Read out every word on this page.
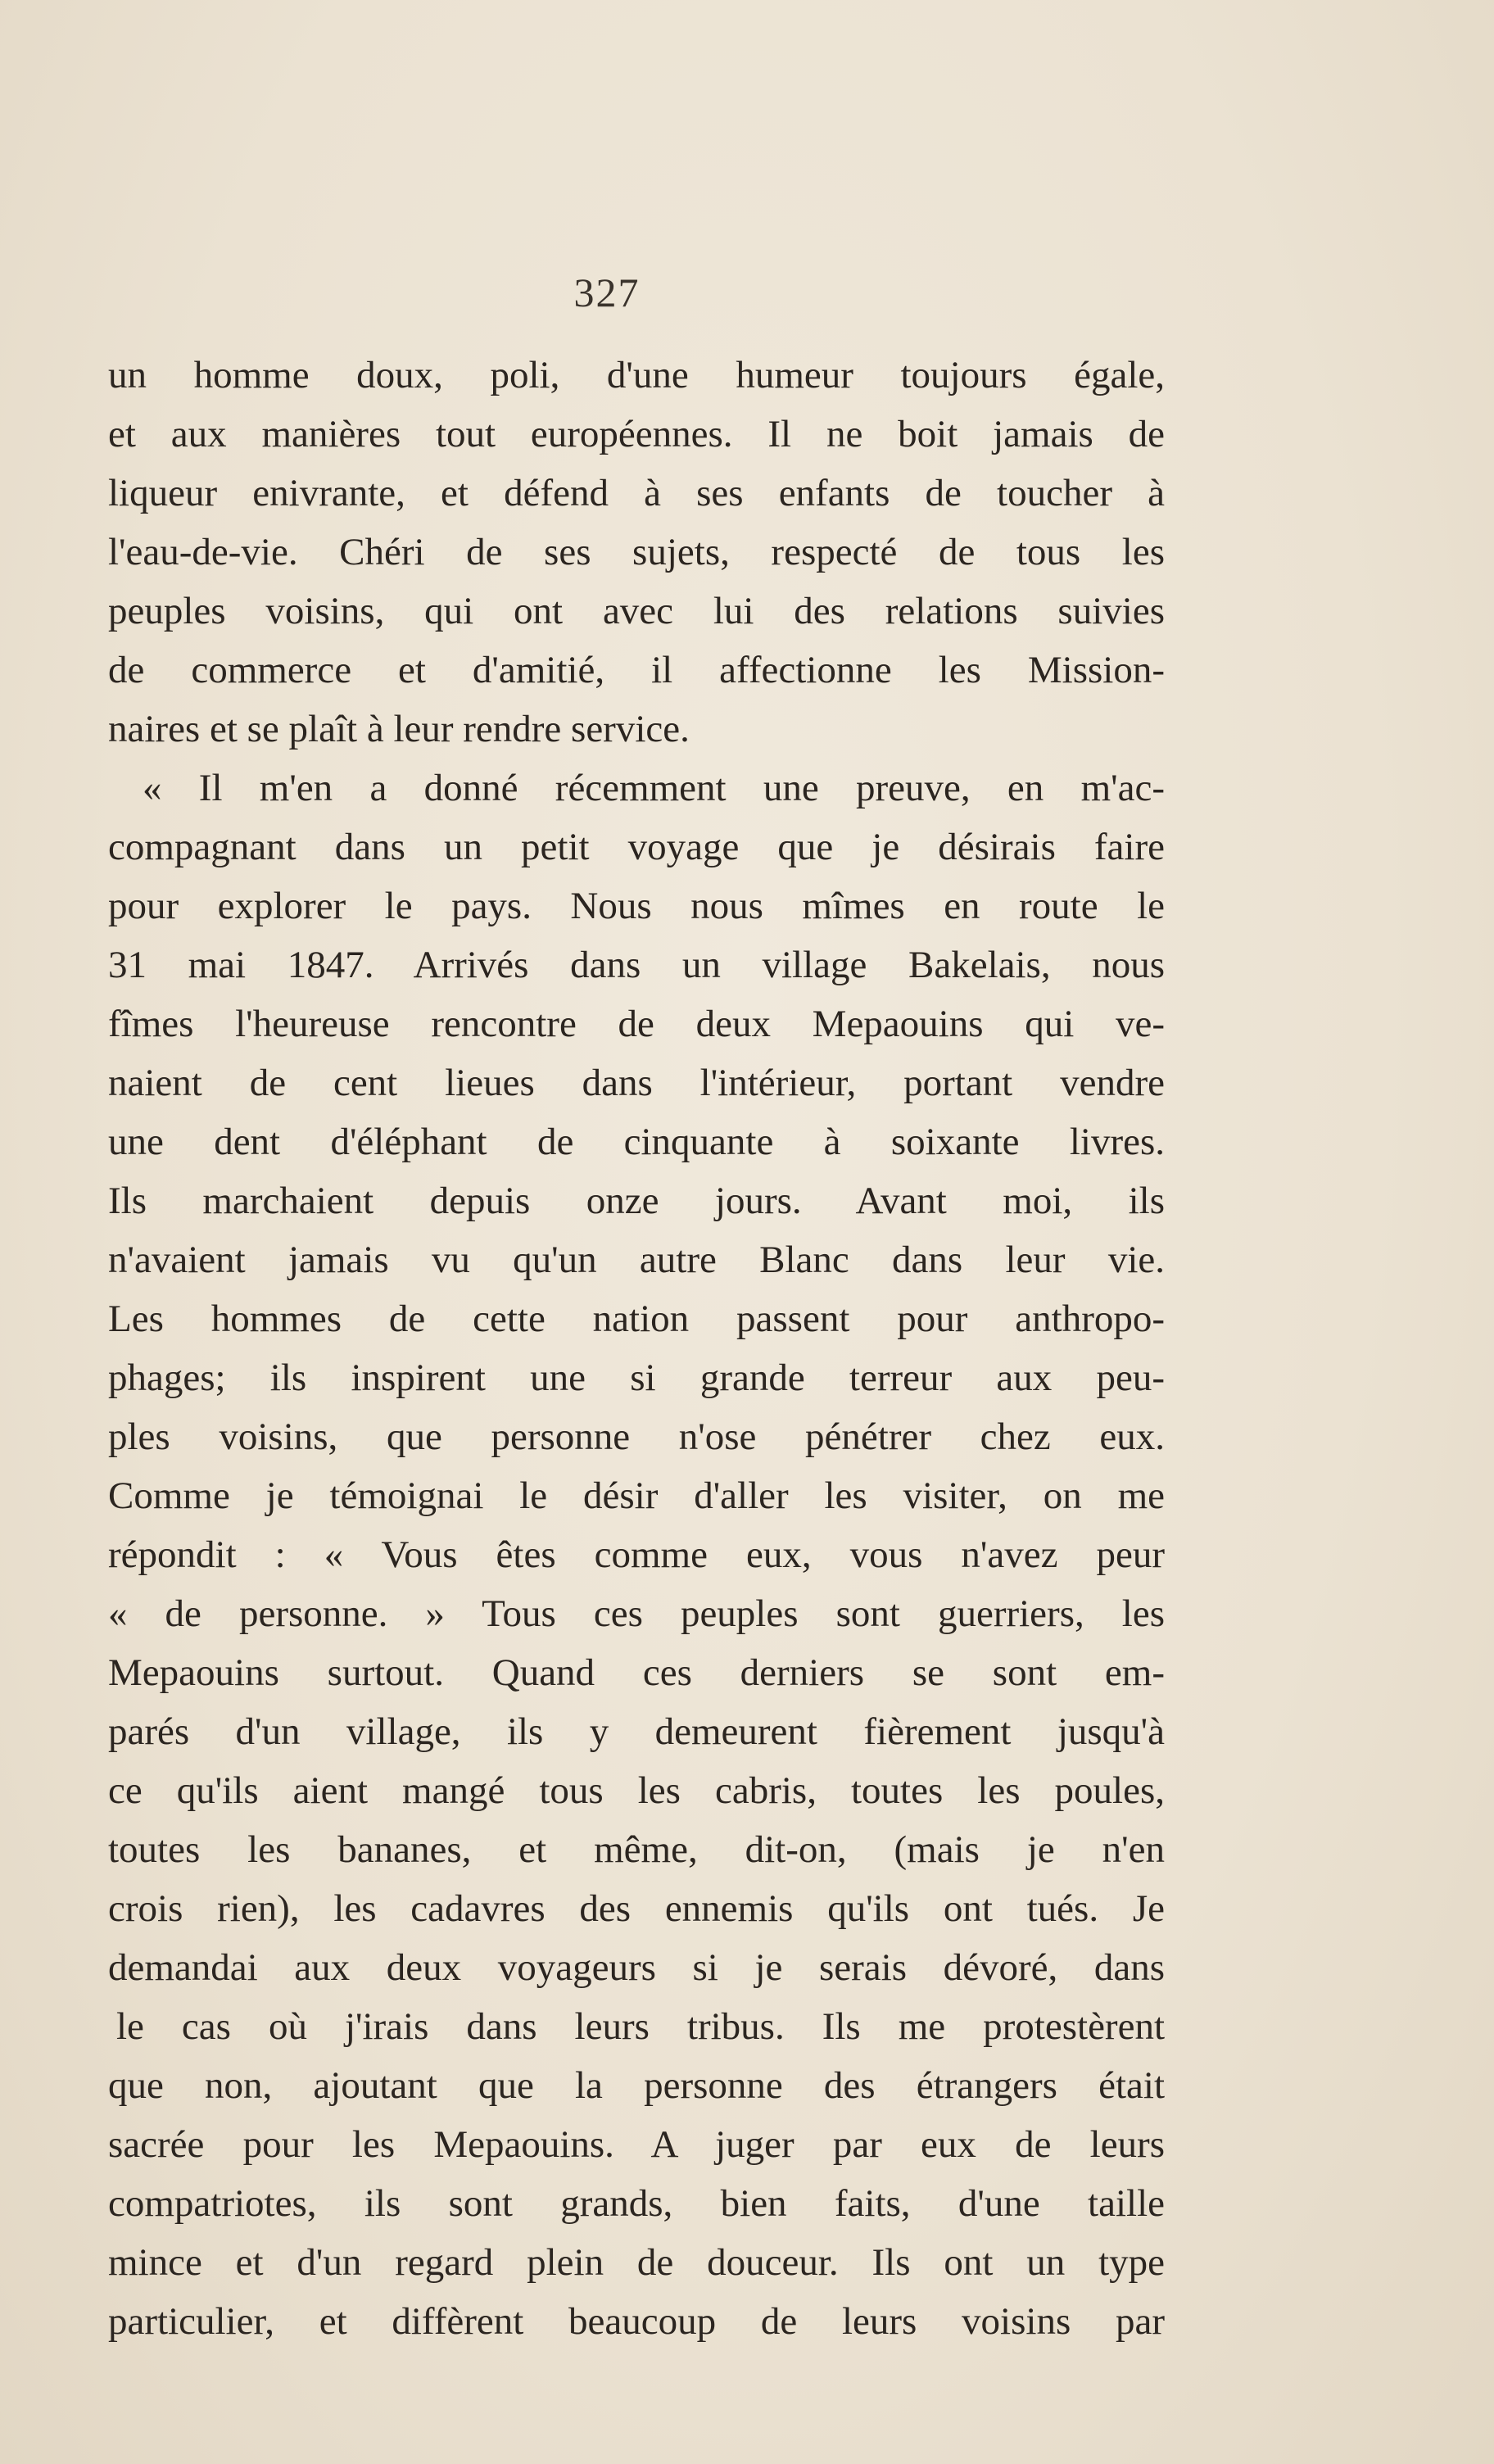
327
un homme doux, poli, d'une humeur toujours égale,
et aux manières tout européennes. Il ne boit jamais de
liqueur enivrante, et défend à ses enfants de toucher à
l'eau-de-vie. Chéri de ses sujets, respecté de tous les
peuples voisins, qui ont avec lui des relations suivies
de commerce et d'amitié, il affectionne les Mission-
naires et se plaît à leur rendre service.
« Il m'en a donné récemment une preuve, en m'ac-
compagnant dans un petit voyage que je désirais faire
pour explorer le pays. Nous nous mîmes en route le
31 mai 1847. Arrivés dans un village Bakelais, nous
fîmes l'heureuse rencontre de deux Mepaouins qui ve-
naient de cent lieues dans l'intérieur, portant vendre
une dent d'éléphant de cinquante à soixante livres.
Ils marchaient depuis onze jours. Avant moi, ils
n'avaient jamais vu qu'un autre Blanc dans leur vie.
Les hommes de cette nation passent pour anthropo-
phages; ils inspirent une si grande terreur aux peu-
ples voisins, que personne n'ose pénétrer chez eux.
Comme je témoignai le désir d'aller les visiter, on me
répondit : « Vous êtes comme eux, vous n'avez peur
« de personne. » Tous ces peuples sont guerriers, les
Mepaouins surtout. Quand ces derniers se sont em-
parés d'un village, ils y demeurent fièrement jusqu'à
ce qu'ils aient mangé tous les cabris, toutes les poules,
toutes les bananes, et même, dit-on, (mais je n'en
crois rien), les cadavres des ennemis qu'ils ont tués. Je
demandai aux deux voyageurs si je serais dévoré, dans
le cas où j'irais dans leurs tribus. Ils me protestèrent
que non, ajoutant que la personne des étrangers était
sacrée pour les Mepaouins. A juger par eux de leurs
compatriotes, ils sont grands, bien faits, d'une taille
mince et d'un regard plein de douceur. Ils ont un type
particulier, et diffèrent beaucoup de leurs voisins par
